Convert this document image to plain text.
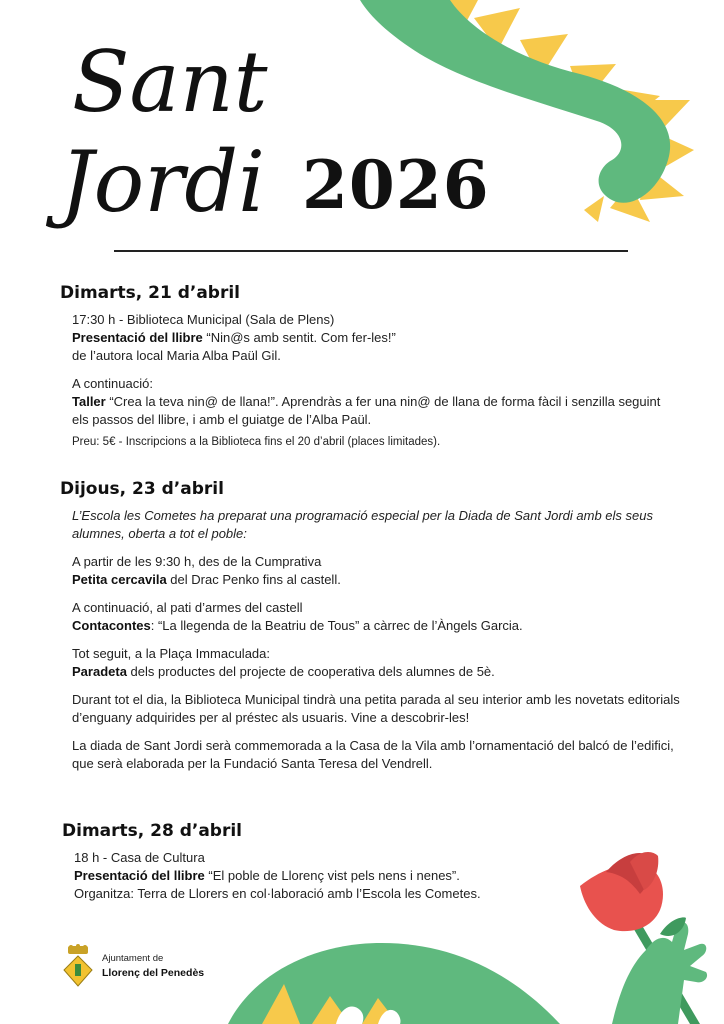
Sant
Jordi 2026
Dimarts, 21 d’abril

17:30 h - Biblioteca Municipal (Sala de Plens)

Presentació del llibre “Nin@s amb sentit. Com fer-les!”

de l’autora local Maria Alba Paül Gil.

A continuació:

Taller “Crea la teva nin@ de llana!”. Aprendràs a fer una nin@ de llana de forma fàcil i senzilla seguint els passos del llibre, i amb el guiatge de l’Alba Paül.

Preu: 5€ - Inscripcions a la Biblioteca fins el 20 d’abril (places limitades).

Dijous, 23 d’abril

L’Escola les Cometes ha preparat una programació especial per la Diada de Sant Jordi amb els seus alumnes, oberta a tot el poble:

A partir de les 9:30 h, des de la Cumprativa
Petita cercavila del Drac Penko fins al castell.

A continuació, al pati d’armes del castell
Contacontes: “La llegenda de la Beatriu de Tous” a càrrec de l’Àngels Garcia.

Tot seguit, a la Plaça Immaculada:
Paradeta dels productes del projecte de cooperativa dels alumnes de 5è.

Durant tot el dia, la Biblioteca Municipal tindrà una petita parada al seu interior amb les novetats editorials d’enguany adquirides per al préstec als usuaris. Vine a descobrir-les!

La diada de Sant Jordi serà commemorada a la Casa de la Vila amb l’ornamentació del balcó de l’edifici, que serà elaborada per la Fundació Santa Teresa del Vendrell.

Dimarts, 28 d’abril

18 h - Casa de Cultura

Presentació del llibre “El poble de Llorenç vist pels nens i nenes”.

Organitza: Terra de Llorers en col·laboració amb l’Escola les Cometes.

Ajuntament de
Llorenç del Penedès
